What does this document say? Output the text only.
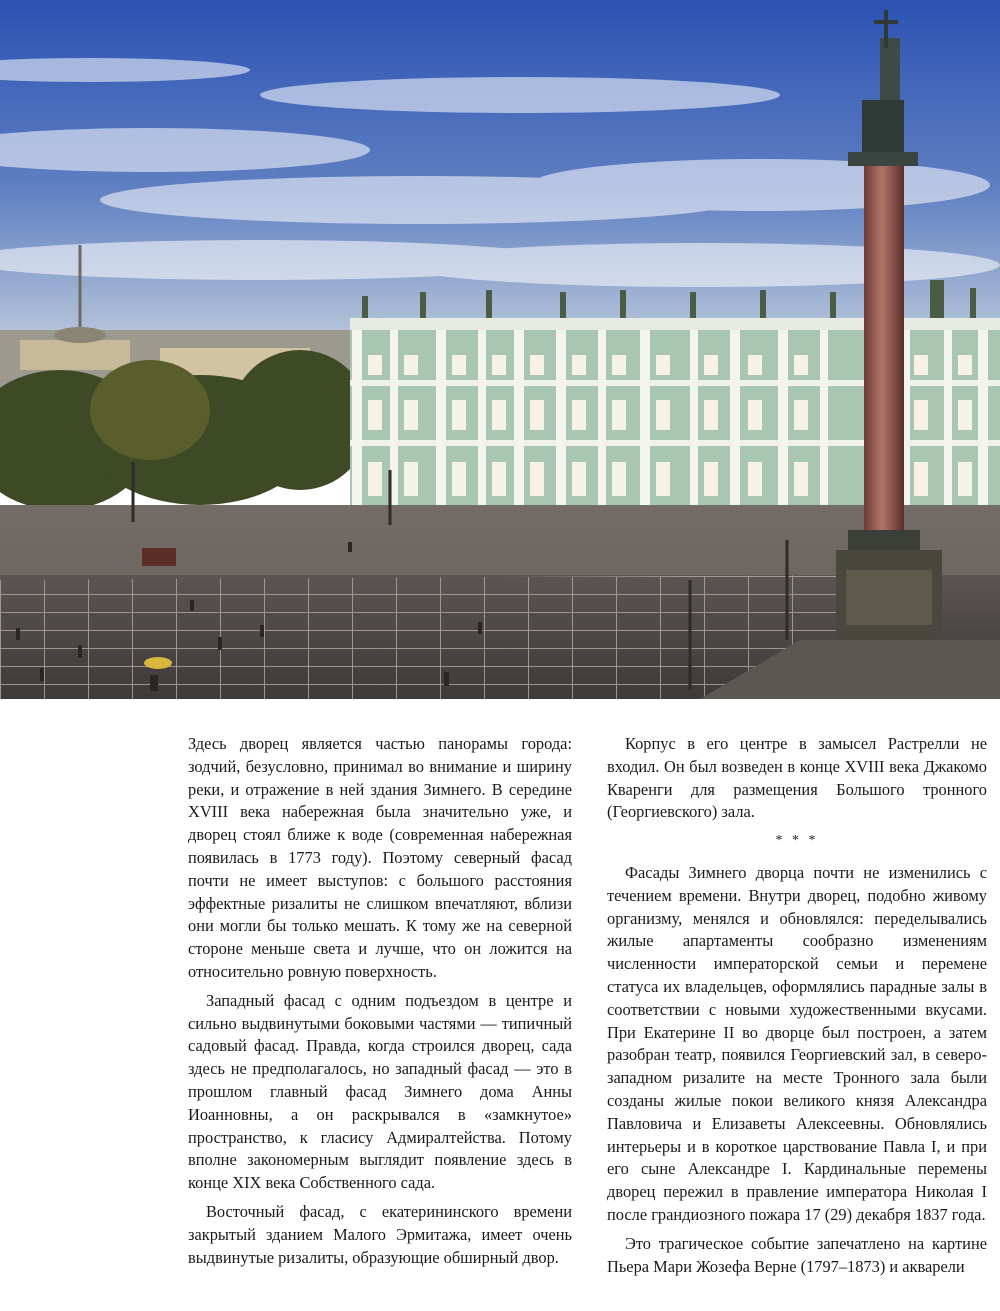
Здесь дворец является частью панорамы города: зодчий, безусловно, принимал во внимание и ширину реки, и отражение в ней здания Зимнего. В середине XVIII века набережная была значительно уже, и дворец стоял ближе к воде (современная набережная появилась в 1773 году). Поэтому северный фасад почти не имеет выступов: с большого расстояния эффектные ризалиты не слишком впечатляют, вблизи они могли бы только мешать. К тому же на северной стороне меньше света и лучше, что он ложится на относительно ровную поверхность.

Западный фасад с одним подъездом в центре и сильно выдвинутыми боковыми частями — типичный садовый фасад. Правда, когда строился дворец, сада здесь не предполагалось, но западный фасад — это в прошлом главный фасад Зимнего дома Анны Иоанновны, а он раскрывался в «замкнутое» пространство, к гласису Адмиралтейства. Потому вполне закономерным выглядит появление здесь в конце XIX века Собственного сада.

Восточный фасад, с екатерининского времени закрытый зданием Малого Эрмитажа, имеет очень выдвинутые ризалиты, образующие обширный двор.

Корпус в его центре в замысел Растрелли не входил. Он был возведен в конце XVIII века Джакомо Кваренги для размещения Большого тронного (Георгиевского) зала.

* * *

Фасады Зимнего дворца почти не изменились с течением времени. Внутри дворец, подобно живому организму, менялся и обновлялся: переделывались жилые апартаменты сообразно изменениям численности императорской семьи и перемене статуса их владельцев, оформлялись парадные залы в соответствии с новыми художественными вкусами. При Екатерине II во дворце был построен, а затем разобран театр, появился Георгиевский зал, в северо-западном ризалите на месте Тронного зала были созданы жилые покои великого князя Александра Павловича и Елизаветы Алексеевны. Обновлялись интерьеры и в короткое царствование Павла I, и при его сыне Александре I. Кардинальные перемены дворец пережил в правление императора Николая I после грандиозного пожара 17 (29) декабря 1837 года.

Это трагическое событие запечатлено на картине Пьера Мари Жозефа Верне (1797–1873) и акварели
